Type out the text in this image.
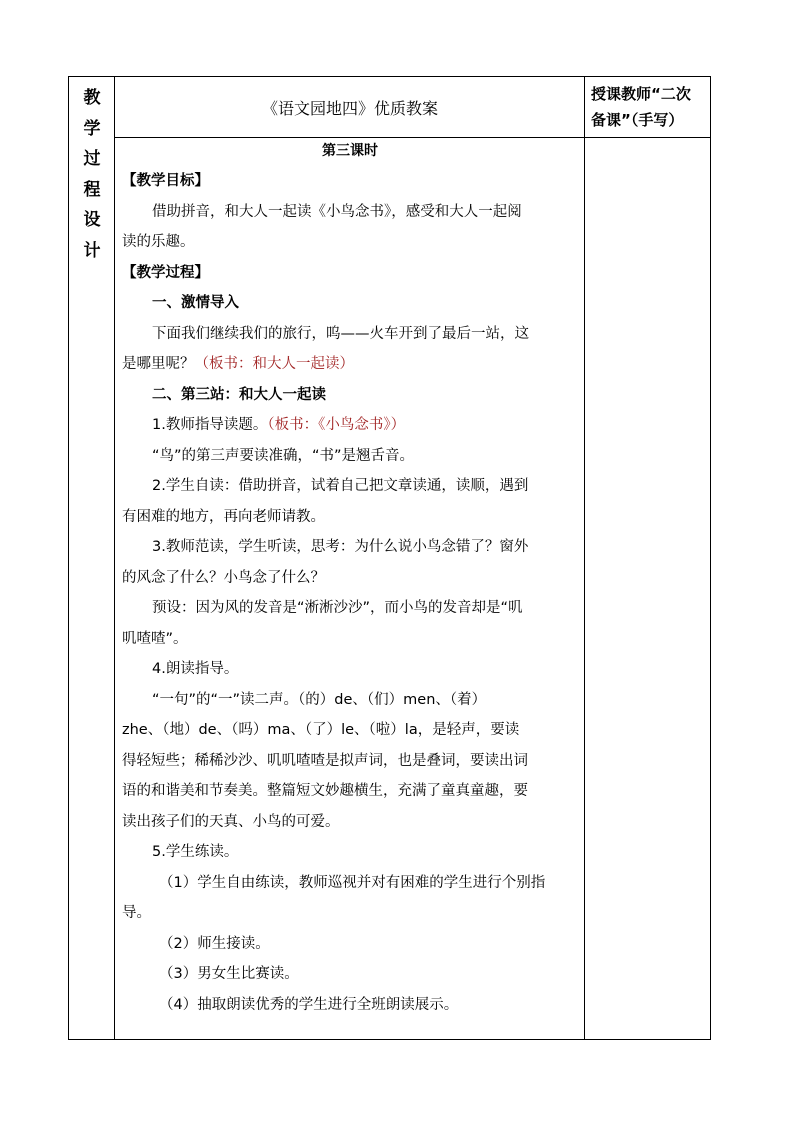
教
学
过
程
设
计
《语文园地四》优质教案
授课教师“二次
备课”（手写）
第三课时
【教学目标】
借助拼音，和大人一起读《小鸟念书》，感受和大人一起阅
读的乐趣。
【教学过程】
一、激情导入
下面我们继续我们的旅行，呜——火车开到了最后一站，这
是哪里呢？（板书：和大人一起读）
二、第三站：和大人一起读
1.教师指导读题。（板书：《小鸟念书》）
“鸟”的第三声要读准确，“书”是翘舌音。
2.学生自读：借助拼音，试着自己把文章读通，读顺，遇到
有困难的地方，再向老师请教。
3.教师范读，学生听读，思考：为什么说小鸟念错了？窗外
的风念了什么？小鸟念了什么？
预设：因为风的发音是“淅淅沙沙”，而小鸟的发音却是“叽
叽喳喳”。
4.朗读指导。
“一句”的“一”读二声。（的）de、（们）men、（着）
zhe、（地）de、（吗）ma、（了）le、（啦）la，是轻声，要读
得轻短些；稀稀沙沙、叽叽喳喳是拟声词，也是叠词，要读出词
语的和谐美和节奏美。整篇短文妙趣横生，充满了童真童趣，要
读出孩子们的天真、小鸟的可爱。
5.学生练读。
（1）学生自由练读，教师巡视并对有困难的学生进行个别指
导。
（2）师生接读。
（3）男女生比赛读。
（4）抽取朗读优秀的学生进行全班朗读展示。
